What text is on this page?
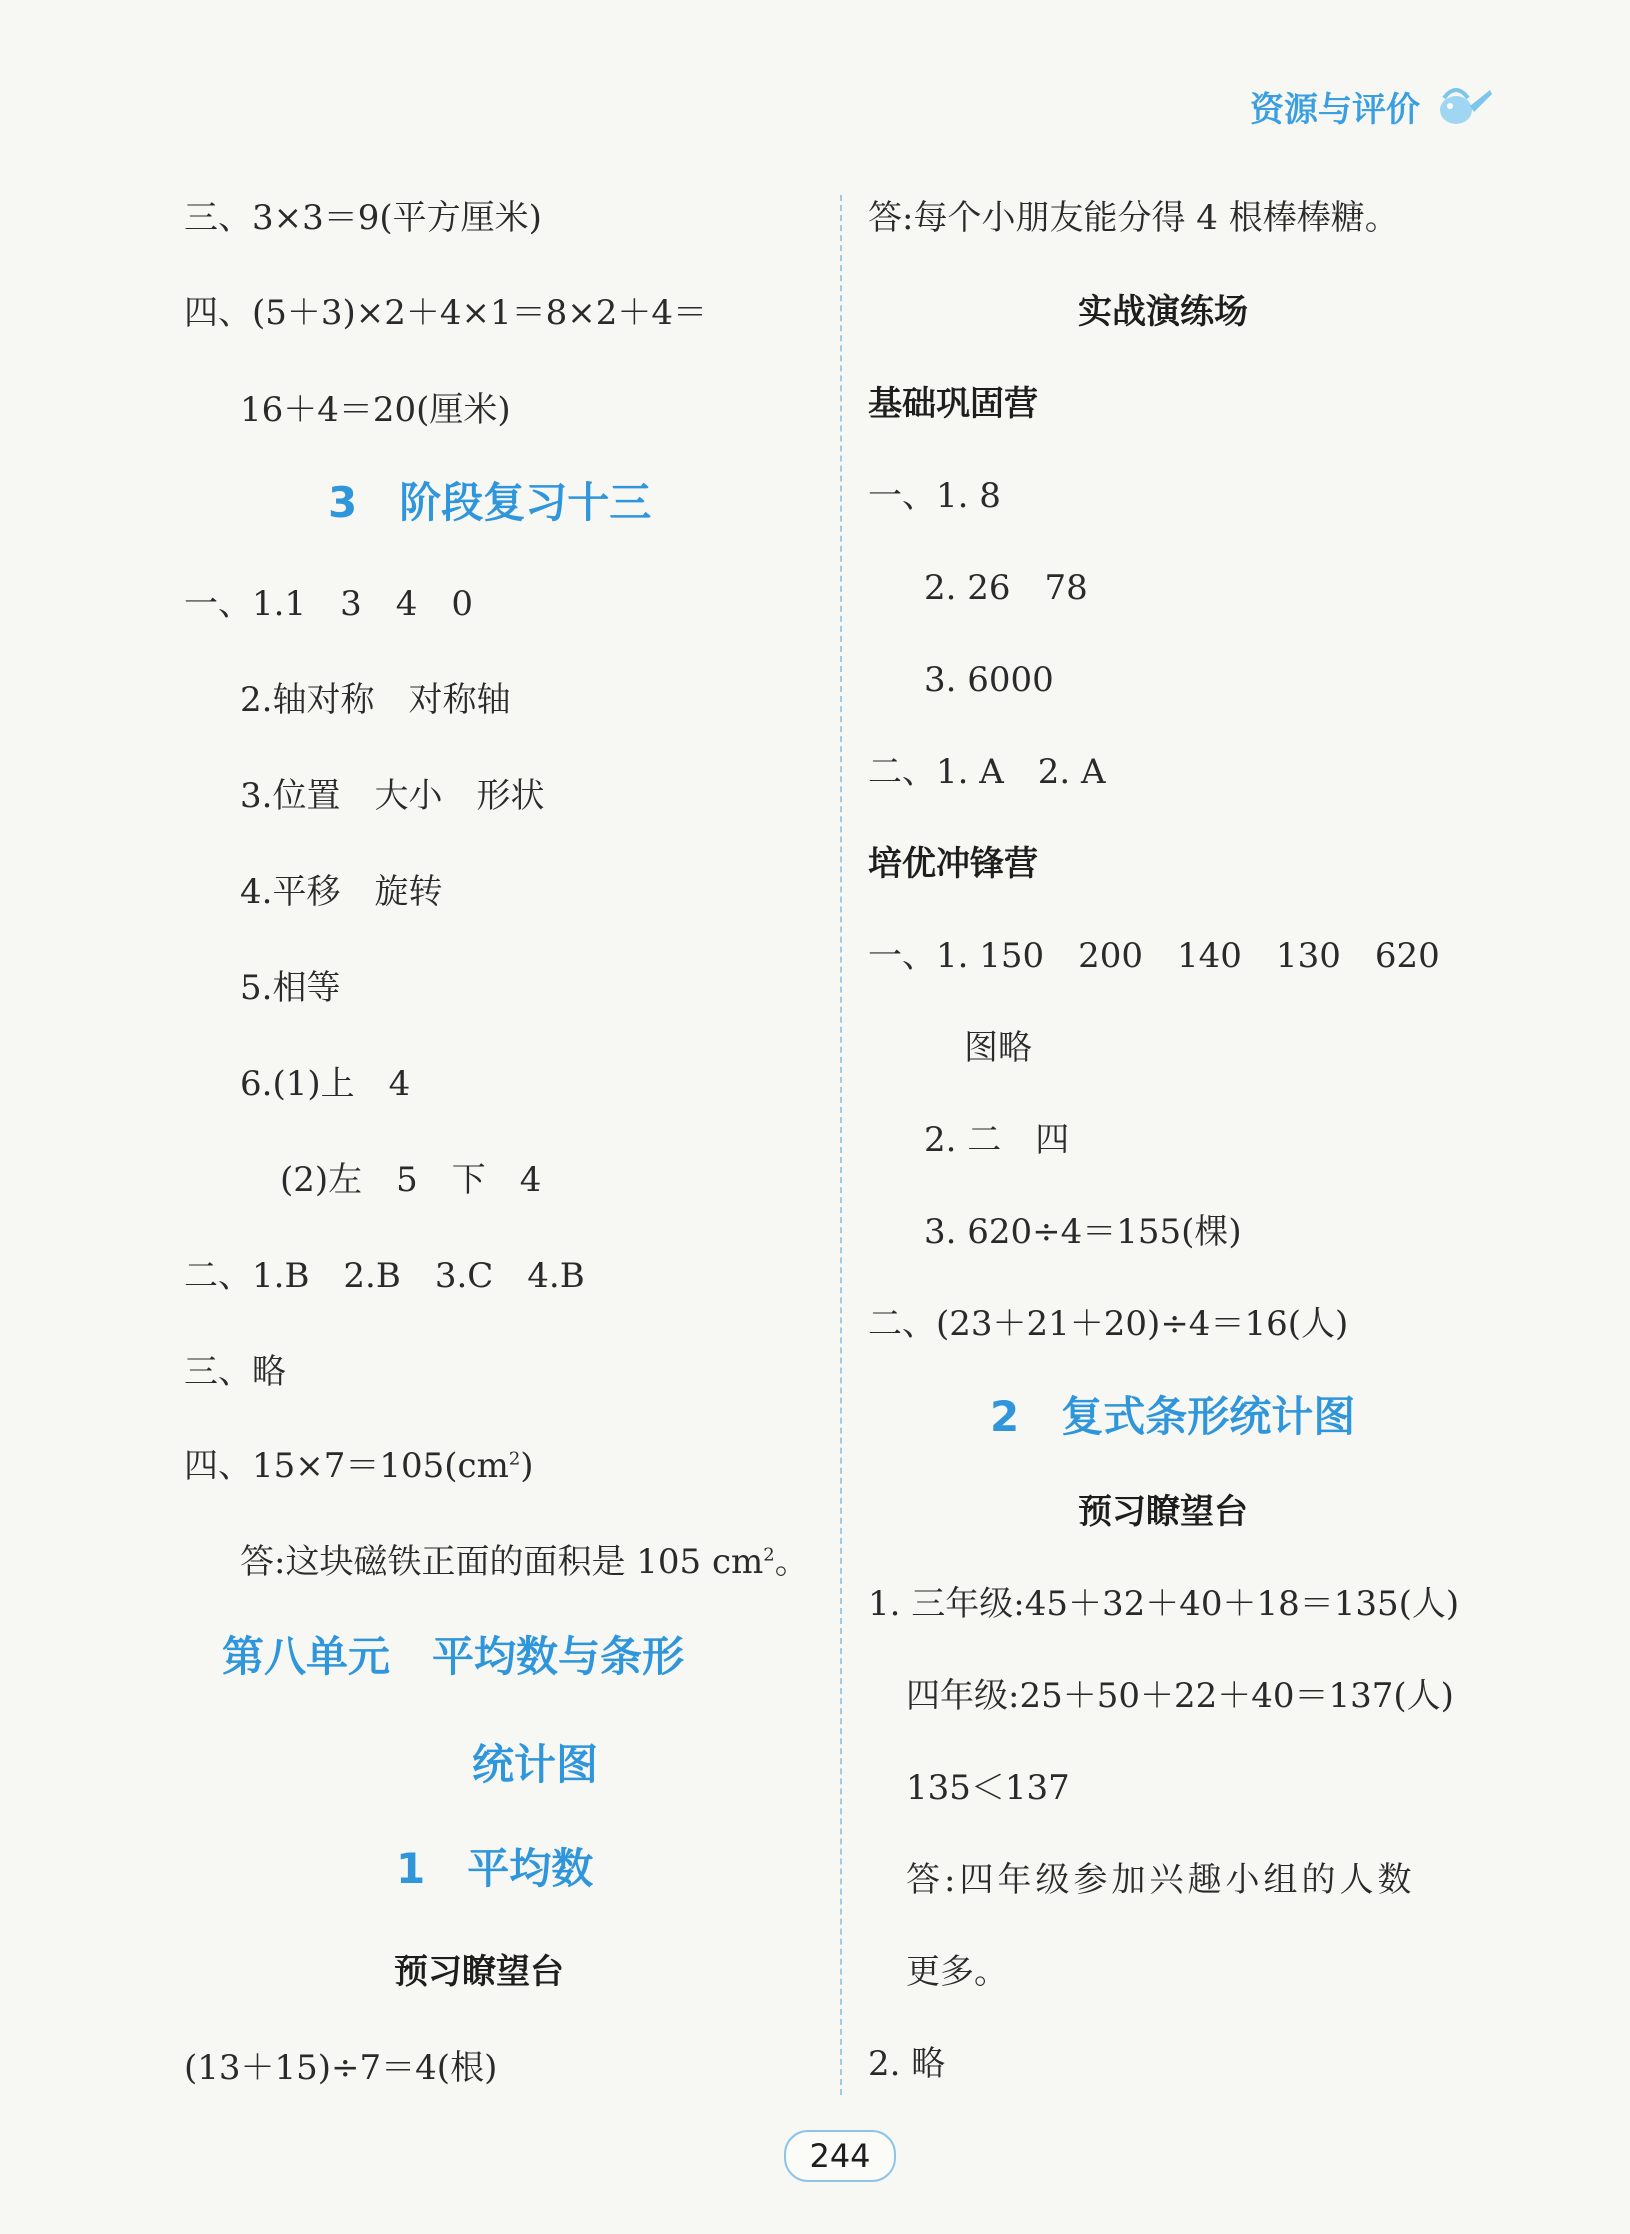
资源与评价
三、3×3＝9(平方厘米)
四、(5＋3)×2＋4×1＝8×2＋4＝
16＋4＝20(厘米)
3　阶段复习十三
一、1.1　3　4　0
2.轴对称　对称轴
3.位置　大小　形状
4.平移　旋转
5.相等
6.(1)上　4
(2)左　5　下　4
二、1.B　2.B　3.C　4.B
三、略
四、$15\times 7=105(cm^2)$
答:这块磁铁正面的面积是 105 $cm^2$。
第八单元　平均数与条形
统计图
1　平均数
预习瞭望台
(13＋15)÷7＝4(根)
答:每个小朋友能分得 4 根棒棒糖。
实战演练场
基础巩固营
一、1. 8
2. 26　78
3. 6000
二、1. A　2. A
培优冲锋营
一、1. 150　200　140　130　620
图略
2. 二　四
3. 620÷4＝155(棵)
二、(23＋21＋20)÷4＝16(人)
2　复式条形统计图
预习瞭望台
1. 三年级:45＋32＋40＋18＝135(人)
四年级:25＋50＋22＋40＝137(人)
135＜137
答:四年级参加兴趣小组的人数
更多。
2. 略
244
